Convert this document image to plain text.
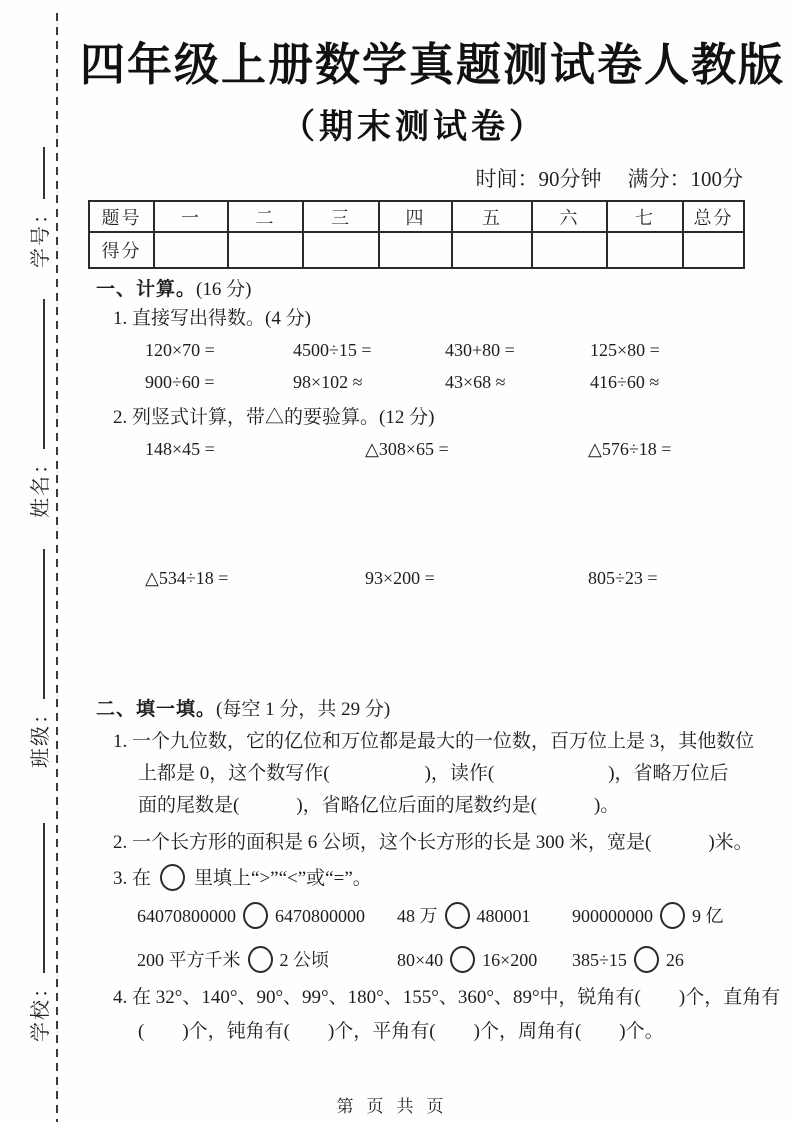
学号：
姓名：
班级：
学校：
四年级上册数学真题测试卷人教版
（期末测试卷）
时间：90分钟 满分：100分
题号	一	二	三	四	五	六	七	总分
得分								
一、计算。(16 分)
1. 直接写出得数。(4 分)
120×70 =	4500÷15 =	430+80 =	125×80 =
900÷60 =	98×102 ≈	43×68 ≈	416÷60 ≈
2. 列竖式计算，带△的要验算。(12 分)
148×45 =	△308×65 =	△576÷18 =
△534÷18 =	93×200 =	805÷23 =
二、填一填。(每空 1 分，共 29 分)
1. 一个九位数，它的亿位和万位都是最大的一位数，百万位上是 3，其他数位
上都是 0，这个数写作(　　　　　)，读作(　　　　　　)，省略万位后
面的尾数是(　　　)，省略亿位后面的尾数约是(　　　)。
2. 一个长方形的面积是 6 公顷，这个长方形的长是 300 米，宽是(　　　)米。
3. 在 里填上“>”“<”或“=”。
64070800000 6470800000	48 万 480001	900000000 9 亿
200 平方千米 2 公顷	80×40 16×200	385÷15 26
4. 在 32°、140°、90°、99°、180°、155°、360°、89°中，锐角有(　　)个，直角有
(　　)个，钝角有(　　)个，平角有(　　)个，周角有(　　)个。
第页共页
